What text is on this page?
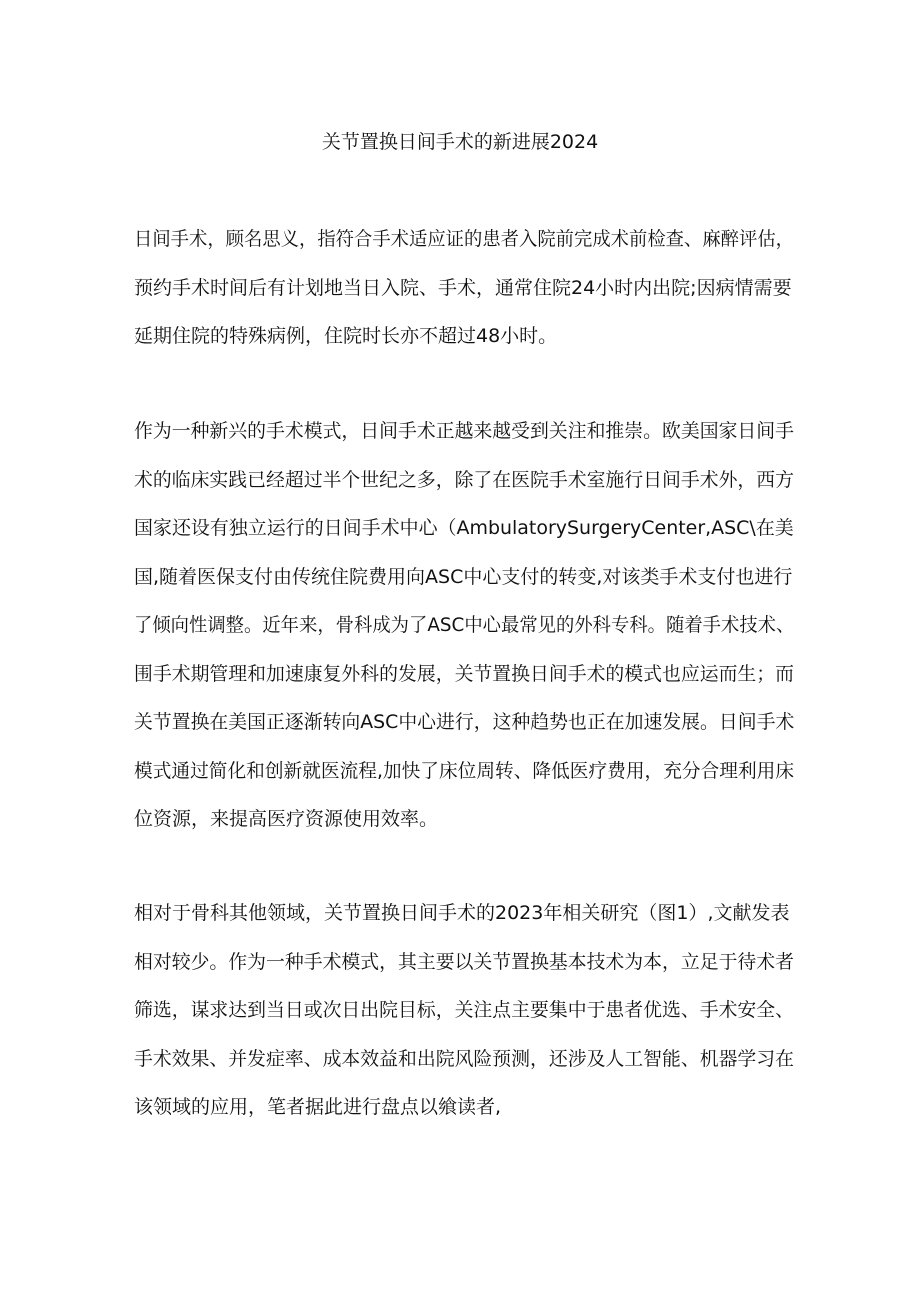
关节置换日间手术的新进展2024
日间手术，顾名思义，指符合手术适应证的患者入院前完成术前检查、麻醉评估，
预约手术时间后有计划地当日入院、手术，通常住院24小时内出院;因病情需要
延期住院的特殊病例，住院时长亦不超过48小时。
作为一种新兴的手术模式，日间手术正越来越受到关注和推崇。欧美国家日间手 术的临床实践已经超过半个世纪之多，除了在医院手术室施行日间手术外，西方 国家还设有独立运行的日间手术中心（AmbulatorySurgeryCenter,ASC\在美
国,随着医保支付由传统住院费用向ASC中心支付的转变,对该类手术支付也进行
了倾向性调整。近年来，骨科成为了ASC中心最常见的外科专科。随着手术技术、 围手术期管理和加速康复外科的发展，关节置换日间手术的模式也应运而生；而 关节置换在美国正逐渐转向ASC中心进行，这种趋势也正在加速发展。日间手术 模式通过简化和创新就医流程,加快了床位周转、降低医疗费用，充分合理利用床
位资源，来提高医疗资源使用效率。
相对于骨科其他领域，关节置换日间手术的2023年相关研究（图1）,文献发表
相对较少。作为一种手术模式，其主要以关节置换基本技术为本，立足于待术者 筛选，谋求达到当日或次日出院目标，关注点主要集中于患者优选、手术安全、 手术效果、并发症率、成本效益和出院风险预测，还涉及人工智能、机器学习在
该领域的应用，笔者据此进行盘点以飨读者,
